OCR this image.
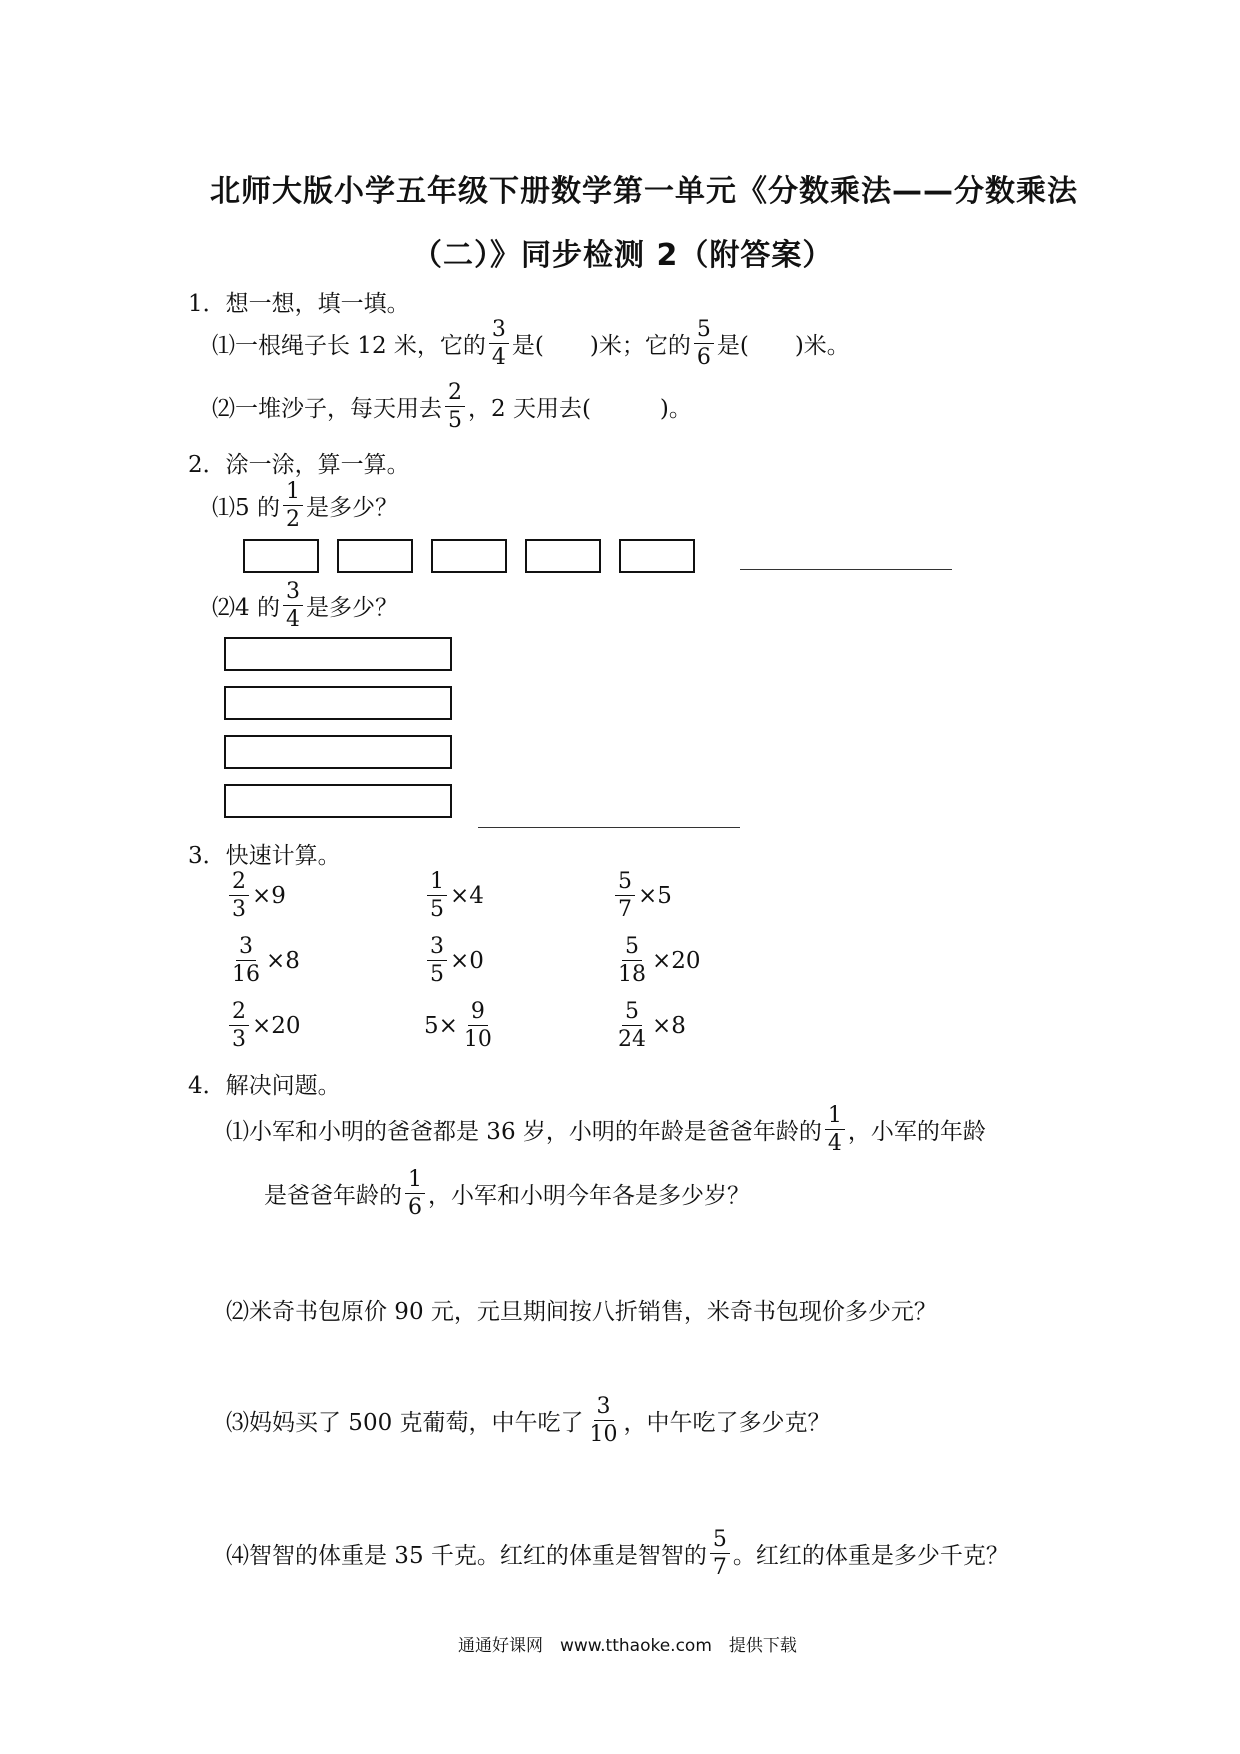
北师大版小学五年级下册数学第一单元《分数乘法——分数乘法
（二）》同步检测 2（附答案）
1．想一想，填一填。
⑴一根绳子长 12 米，它的 $\frac{3}{4}$ 是(　　)米；它的 $\frac{5}{6}$ 是(　　)米。
⑵一堆沙子，每天用去 $\frac{2}{5}$ ，2 天用去(　　　)。
2．涂一涂，算一算。
⑴5 的 $\frac{1}{2}$ 是多少？
⑵4 的 $\frac{3}{4}$ 是多少？
3．快速计算。
$\frac{2}{3} \times 9$	$\frac{1}{5} \times 4$	$\frac{5}{7} \times 5$
$\frac{3}{16} \times 8$	$\frac{3}{5} \times 0$	$\frac{5}{18} \times 20$
$\frac{2}{3} \times 20$	$5\times \frac{9}{10}$	$\frac{5}{24} \times 8$
4．解决问题。
⑴小军和小明的爸爸都是 36 岁，小明的年龄是爸爸年龄的 $\frac{1}{4}$ ，小军的年龄
是爸爸年龄的 $\frac{1}{6}$ ，小军和小明今年各是多少岁？
⑵米奇书包原价 90 元，元旦期间按八折销售，米奇书包现价多少元？
⑶妈妈买了 500 克葡萄，中午吃了 $\frac{3}{10}$ ，中午吃了多少克？
⑷智智的体重是 35 千克。红红的体重是智智的 $\frac{5}{7}$ 。红红的体重是多少千克？
通通好课网　www.tthaoke.com　提供下载
